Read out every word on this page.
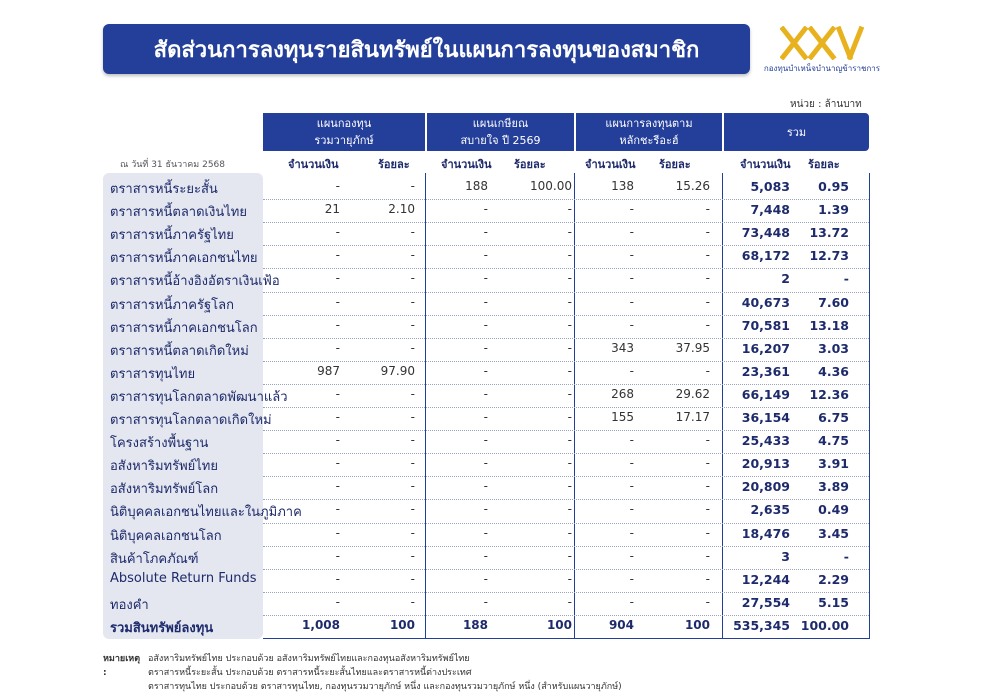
สัดส่วนการลงทุนรายสินทรัพย์ในแผนการลงทุนของสมาชิก
กองทุนบำเหน็จบำนาญข้าราชการ
หน่วย : ล้านบาท
ณ วันที่ 31 ธันวาคม 2568
แผนกองทุน
รวมวายุภักษ์
แผนเกษียณ
สบายใจ ปี 2569
แผนการลงทุนตาม
หลักชะรีอะฮ์
รวม
จำนวนเงิน	ร้อยละ	จำนวนเงิน ร้อยละ	จำนวนเงิน ร้อยละ	จำนวนเงิน ร้อยละ
ตราสารหนี้ระยะสั้น	-	-	188	100.00	138	15.26	5,083	0.95
ตราสารหนี้ตลาดเงินไทย	21	2.10	-	-	-	-	7,448	1.39
ตราสารหนี้ภาครัฐไทย	-	-	-	-	-	-	73,448	13.72
ตราสารหนี้ภาคเอกชนไทย	-	-	-	-	-	-	68,172	12.73
ตราสารหนี้อ้างอิงอัตราเงินเฟ้อ	-	-	-	-	-	-	2	-
ตราสารหนี้ภาครัฐโลก	-	-	-	-	-	-	40,673	7.60
ตราสารหนี้ภาคเอกชนโลก	-	-	-	-	-	-	70,581	13.18
ตราสารหนี้ตลาดเกิดใหม่	-	-	-	-	343	37.95	16,207	3.03
ตราสารทุนไทย	987	97.90	-	-	-	-	23,361	4.36
ตราสารทุนโลกตลาดพัฒนาแล้ว	-	-	-	-	268	29.62	66,149	12.36
ตราสารทุนโลกตลาดเกิดใหม่	-	-	-	-	155	17.17	36,154	6.75
โครงสร้างพื้นฐาน	-	-	-	-	-	-	25,433	4.75
อสังหาริมทรัพย์ไทย	-	-	-	-	-	-	20,913	3.91
อสังหาริมทรัพย์โลก	-	-	-	-	-	-	20,809	3.89
นิติบุคคลเอกชนไทยและในภูมิภาค	-	-	-	-	-	-	2,635	0.49
นิติบุคคลเอกชนโลก	-	-	-	-	-	-	18,476	3.45
สินค้าโภคภัณฑ์	-	-	-	-	-	-	3	-
Absolute Return Funds	-	-	-	-	-	-	12,244	2.29
ทองคำ	-	-	-	-	-	-	27,554	5.15
รวมสินทรัพย์ลงทุน	1,008	100	188	100	904	100	535,345 100.00
หมายเหตุ :
อสังหาริมทรัพย์ไทย ประกอบด้วย อสังหาริมทรัพย์ไทยและกองทุนอสังหาริมทรัพย์ไทย
ตราสารหนี้ระยะสั้น ประกอบด้วย ตราสารหนี้ระยะสั้นไทยและตราสารหนี้ต่างประเทศ
ตราสารทุนไทย ประกอบด้วย ตราสารทุนไทย, กองทุนรวมวายุภักษ์ หนึ่ง และกองทุนรวมวายุภักษ์ หนึ่ง (สำหรับแผนวายุภักษ์)
